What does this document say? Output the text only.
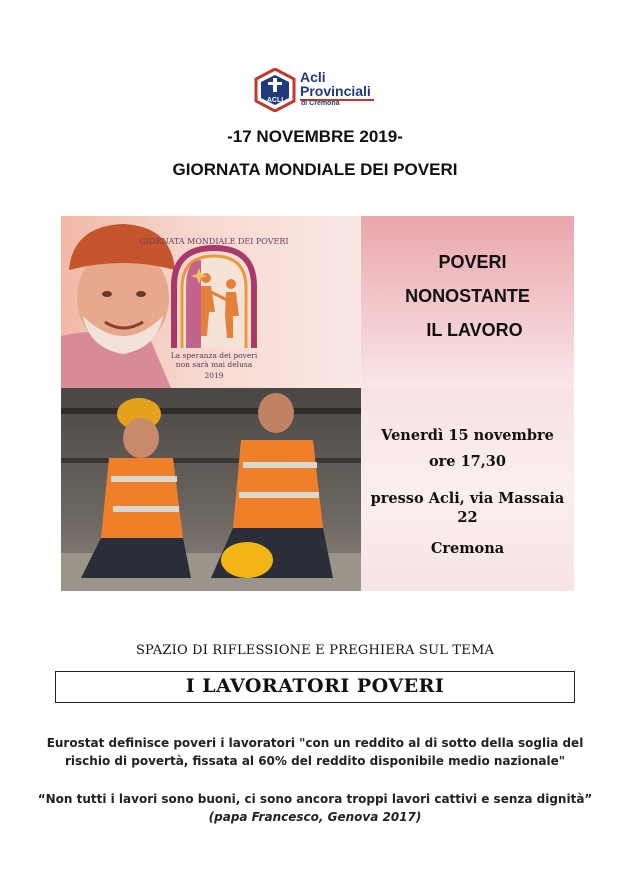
ACLI
Acli
Provinciali
di Cremona
-17 NOVEMBRE 2019-
GIORNATA MONDIALE DEI POVERI
GIORNATA MONDIALE DEI POVERI
La speranza dei poveri
non sarà mai delusa
2019
POVERI
NONOSTANTE
IL LAVORO
Venerdì 15 novembre
ore 17,30
presso Acli, via Massaia
22
Cremona
SPAZIO DI RIFLESSIONE E PREGHIERA SUL TEMA
I LAVORATORI POVERI
Eurostat definisce poveri i lavoratori "con un reddito al di sotto della soglia del
rischio di povertà, fissata al 60% del reddito disponibile medio nazionale"
“Non tutti i lavori sono buoni, ci sono ancora troppi lavori cattivi e senza dignità”
(papa Francesco, Genova 2017)
